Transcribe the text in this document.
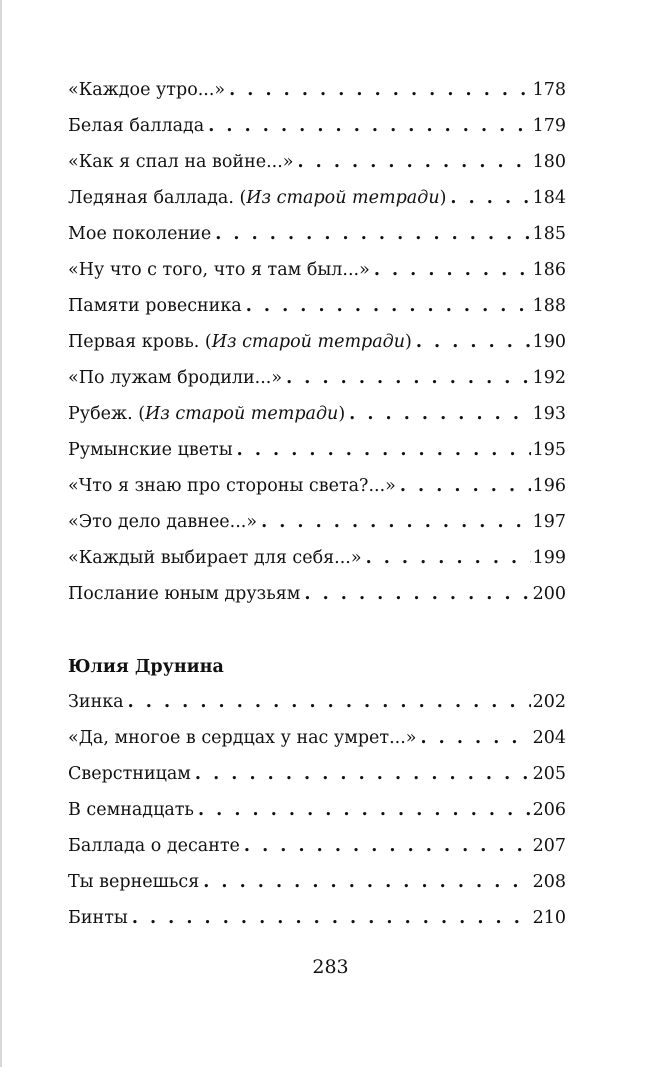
«Каждое утро...» . . .	178
Белая баллада . . .	179
«Как я спал на войне...» . . .	180
Ледяная баллада. (Из старой тетради) . . .	184
Мое поколение . . .	185
«Ну что с того, что я там был...» . . .	186
Памяти ровесника . . .	188
Первая кровь. (Из старой тетради) . . .	190
«По лужам бродили...» . . .	192
Рубеж. (Из старой тетради) . . .	193
Румынские цветы . . .	195
«Что я знаю про стороны света?...» . . .	196
«Это дело давнее...» . . .	197
«Каждый выбирает для себя...» . . .	199
Послание юным друзьям . . .	200
Юлия Друнина
Зинка . . .	202
«Да, многое в сердцах у нас умрет...» . . .	204
Сверстницам . . .	205
В семнадцать . . .	206
Баллада о десанте . . .	207
Ты вернешься . . .	208
Бинты . . .	210
283
